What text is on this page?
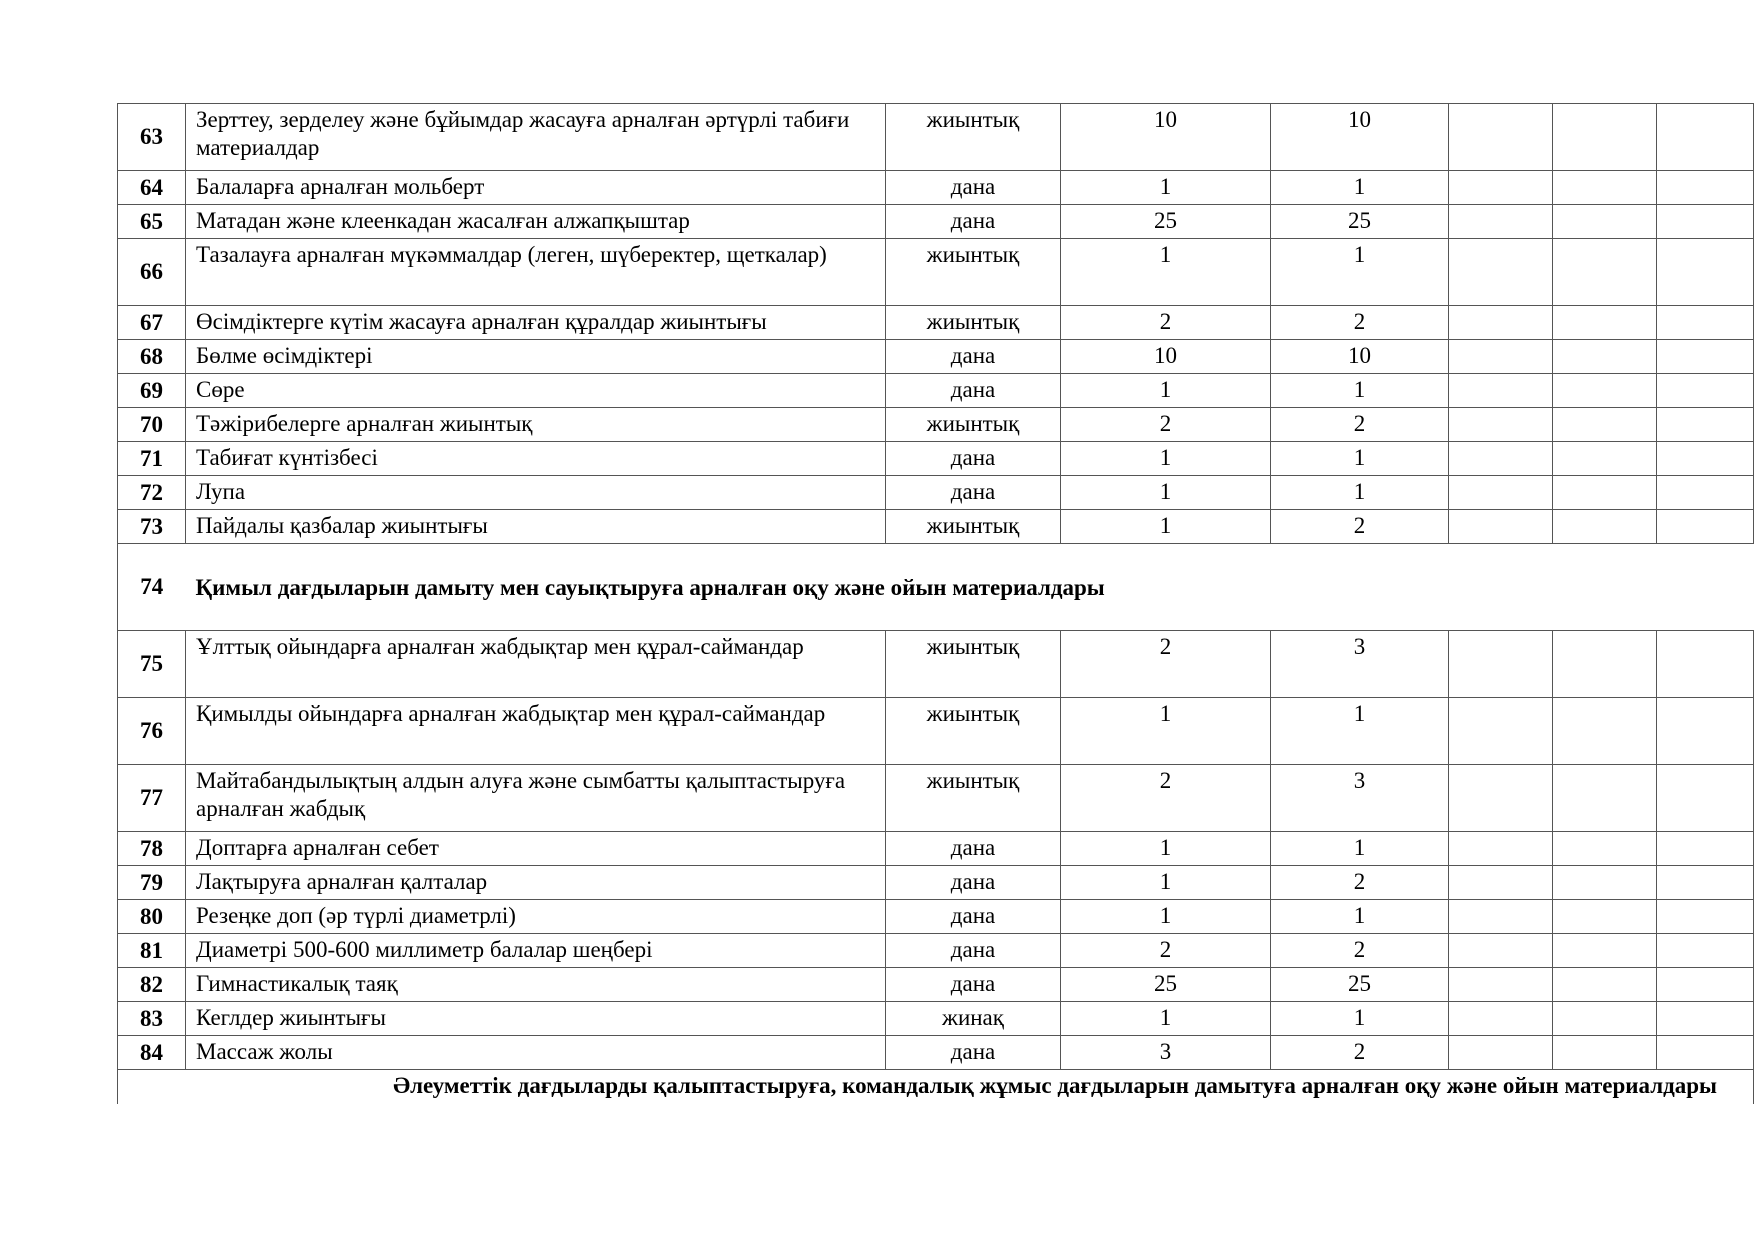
63	Зерттеу, зерделеу және бұйымдар жасауға арналған әртүрлі табиғи материалдар	жиынтық	10	10			
64	Балаларға арналған мольберт	дана	1	1			
65	Матадан және клеенкадан жасалған алжапқыштар	дана	25	25			
66	Тазалауға арналған мүкәммалдар (леген, шүберектер, щеткалар)	жиынтық	1	1			
67	Өсімдіктерге күтім жасауға арналған құралдар жиынтығы	жиынтық	2	2			
68	Бөлме өсімдіктері	дана	10	10			
69	Сөре	дана	1	1			
70	Тәжірибелерге арналған жиынтық	жиынтық	2	2			
71	Табиғат күнтізбесі	дана	1	1			
72	Лупа	дана	1	1			
73	Пайдалы қазбалар жиынтығы	жиынтық	1	2			
74	Қимыл дағдыларын дамыту мен сауықтыруға арналған оқу және ойын материалдары						
75	Ұлттық ойындарға арналған жабдықтар мен құрал-саймандар	жиынтық	2	3			
76	Қимылды ойындарға арналған жабдықтар мен құрал-саймандар	жиынтық	1	1			
77	Майтабандылықтың алдын алуға және сымбатты қалыптастыруға арналған жабдық	жиынтық	2	3			
78	Доптарға арналған себет	дана	1	1			
79	Лақтыруға арналған қалталар	дана	1	2			
80	Резеңке доп (әр түрлі диаметрлі)	дана	1	1			
81	Диаметрі 500-600 миллиметр балалар шеңбері	дана	2	2			
82	Гимнастикалық таяқ	дана	25	25			
83	Кеглдер жиынтығы	жинақ	1	1			
84	Массаж жолы	дана	3	2			
Әлеуметтік дағдыларды қалыптастыруға, командалық жұмыс дағдыларын дамытуға арналған оқу және ойын материалдары							
